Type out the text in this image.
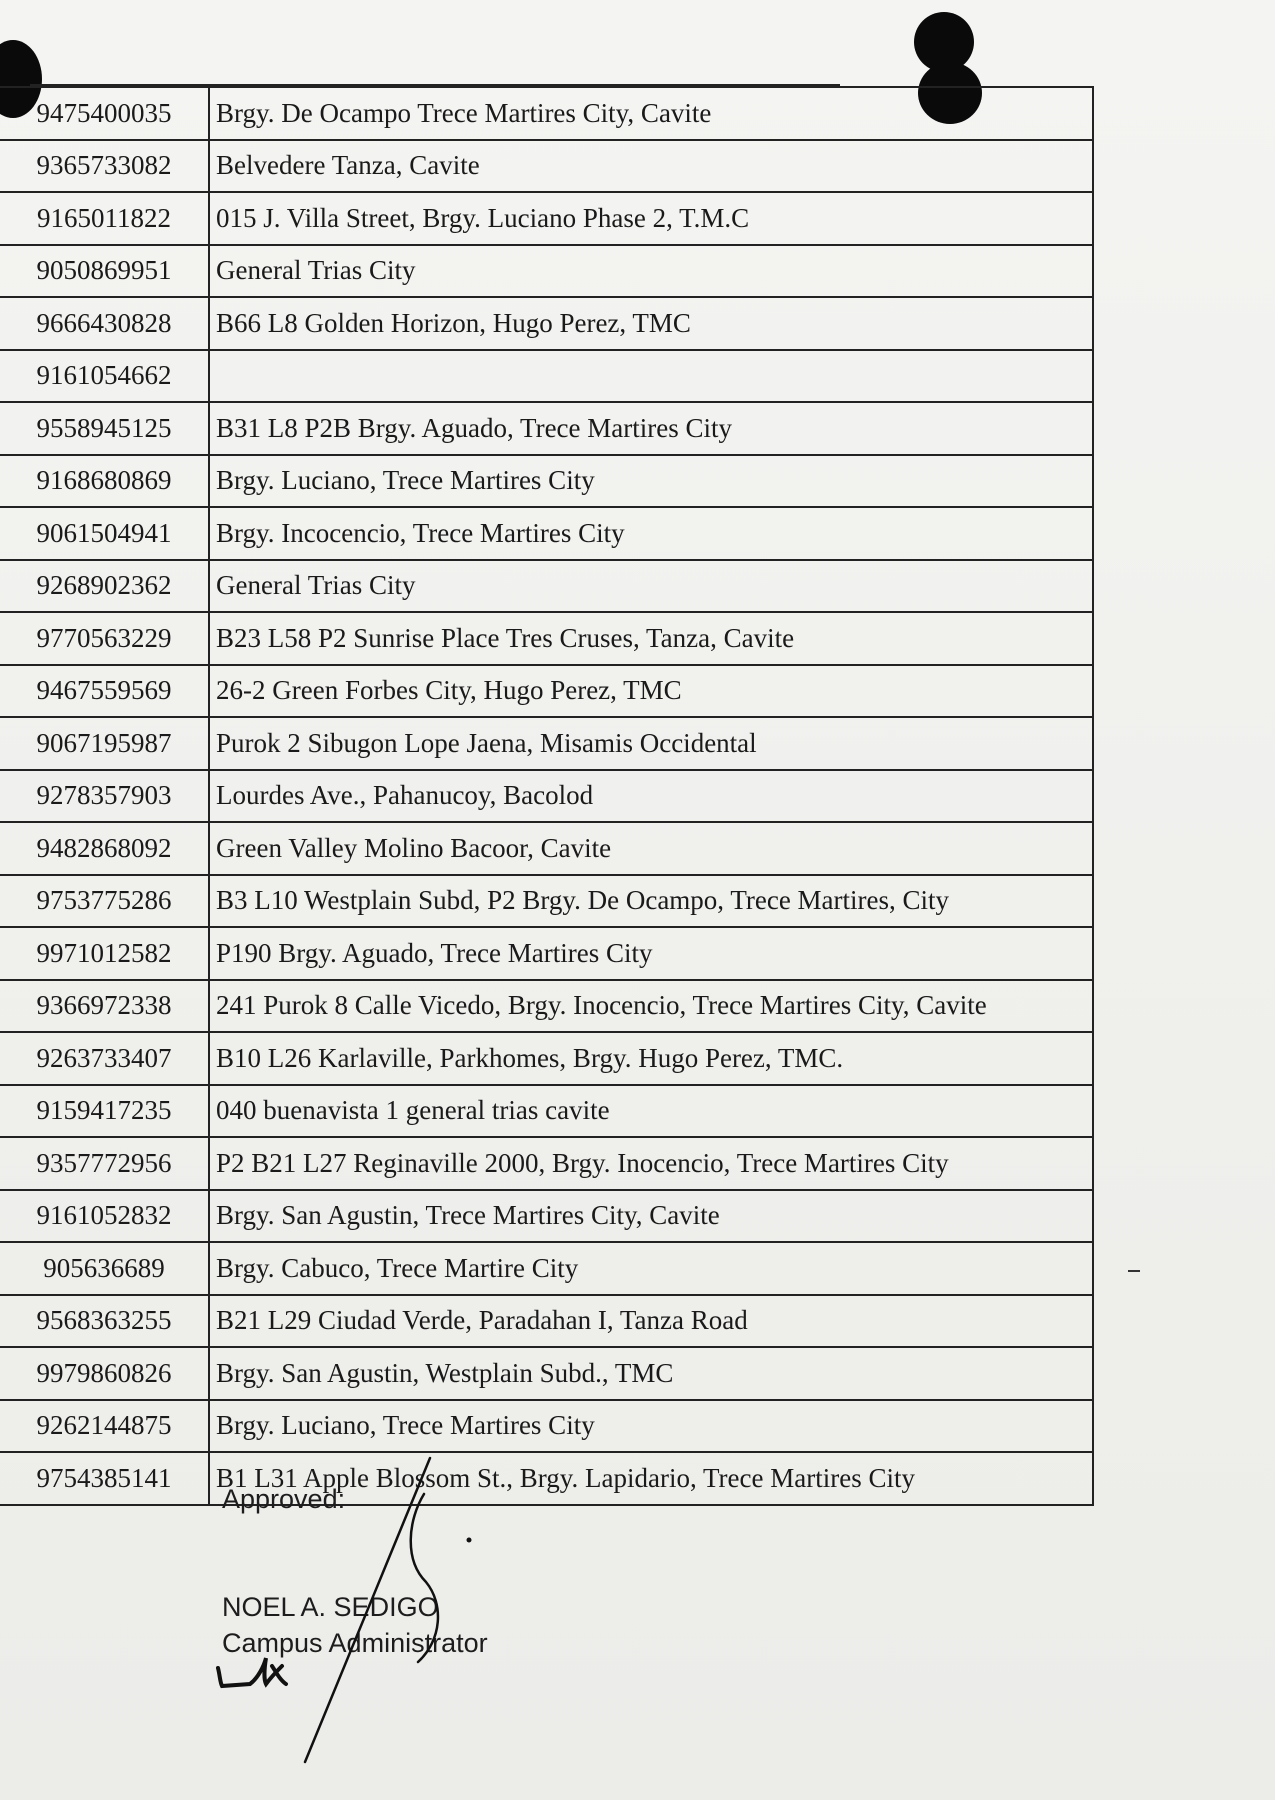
9475400035	Brgy. De Ocampo Trece Martires City, Cavite
9365733082	Belvedere Tanza, Cavite
9165011822	015 J. Villa Street, Brgy. Luciano Phase 2, T.M.C
9050869951	General Trias City
9666430828	B66 L8 Golden Horizon, Hugo Perez, TMC
9161054662	
9558945125	B31 L8 P2B Brgy. Aguado, Trece Martires City
9168680869	Brgy. Luciano, Trece Martires City
9061504941	Brgy. Incocencio, Trece Martires City
9268902362	General Trias City
9770563229	B23 L58 P2 Sunrise Place Tres Cruses, Tanza, Cavite
9467559569	26-2 Green Forbes City, Hugo Perez, TMC
9067195987	Purok 2 Sibugon Lope Jaena, Misamis Occidental
9278357903	Lourdes Ave., Pahanucoy, Bacolod
9482868092	Green Valley Molino Bacoor, Cavite
9753775286	B3 L10 Westplain Subd, P2 Brgy. De Ocampo, Trece Martires, City
9971012582	P190 Brgy. Aguado, Trece Martires City
9366972338	241 Purok 8 Calle Vicedo, Brgy. Inocencio, Trece Martires City, Cavite
9263733407	B10 L26 Karlaville, Parkhomes, Brgy. Hugo Perez, TMC.
9159417235	040 buenavista 1 general trias cavite
9357772956	P2 B21 L27 Reginaville 2000, Brgy. Inocencio, Trece Martires City
9161052832	Brgy. San Agustin, Trece Martires City, Cavite
905636689	Brgy. Cabuco, Trece Martire City
9568363255	B21 L29 Ciudad Verde, Paradahan I, Tanza Road
9979860826	Brgy. San Agustin, Westplain Subd., TMC
9262144875	Brgy. Luciano, Trece Martires City
9754385141	B1 L31 Apple Blossom St., Brgy. Lapidario, Trece Martires City
Approved:
NOEL A. SEDIGO
Campus Administrator
